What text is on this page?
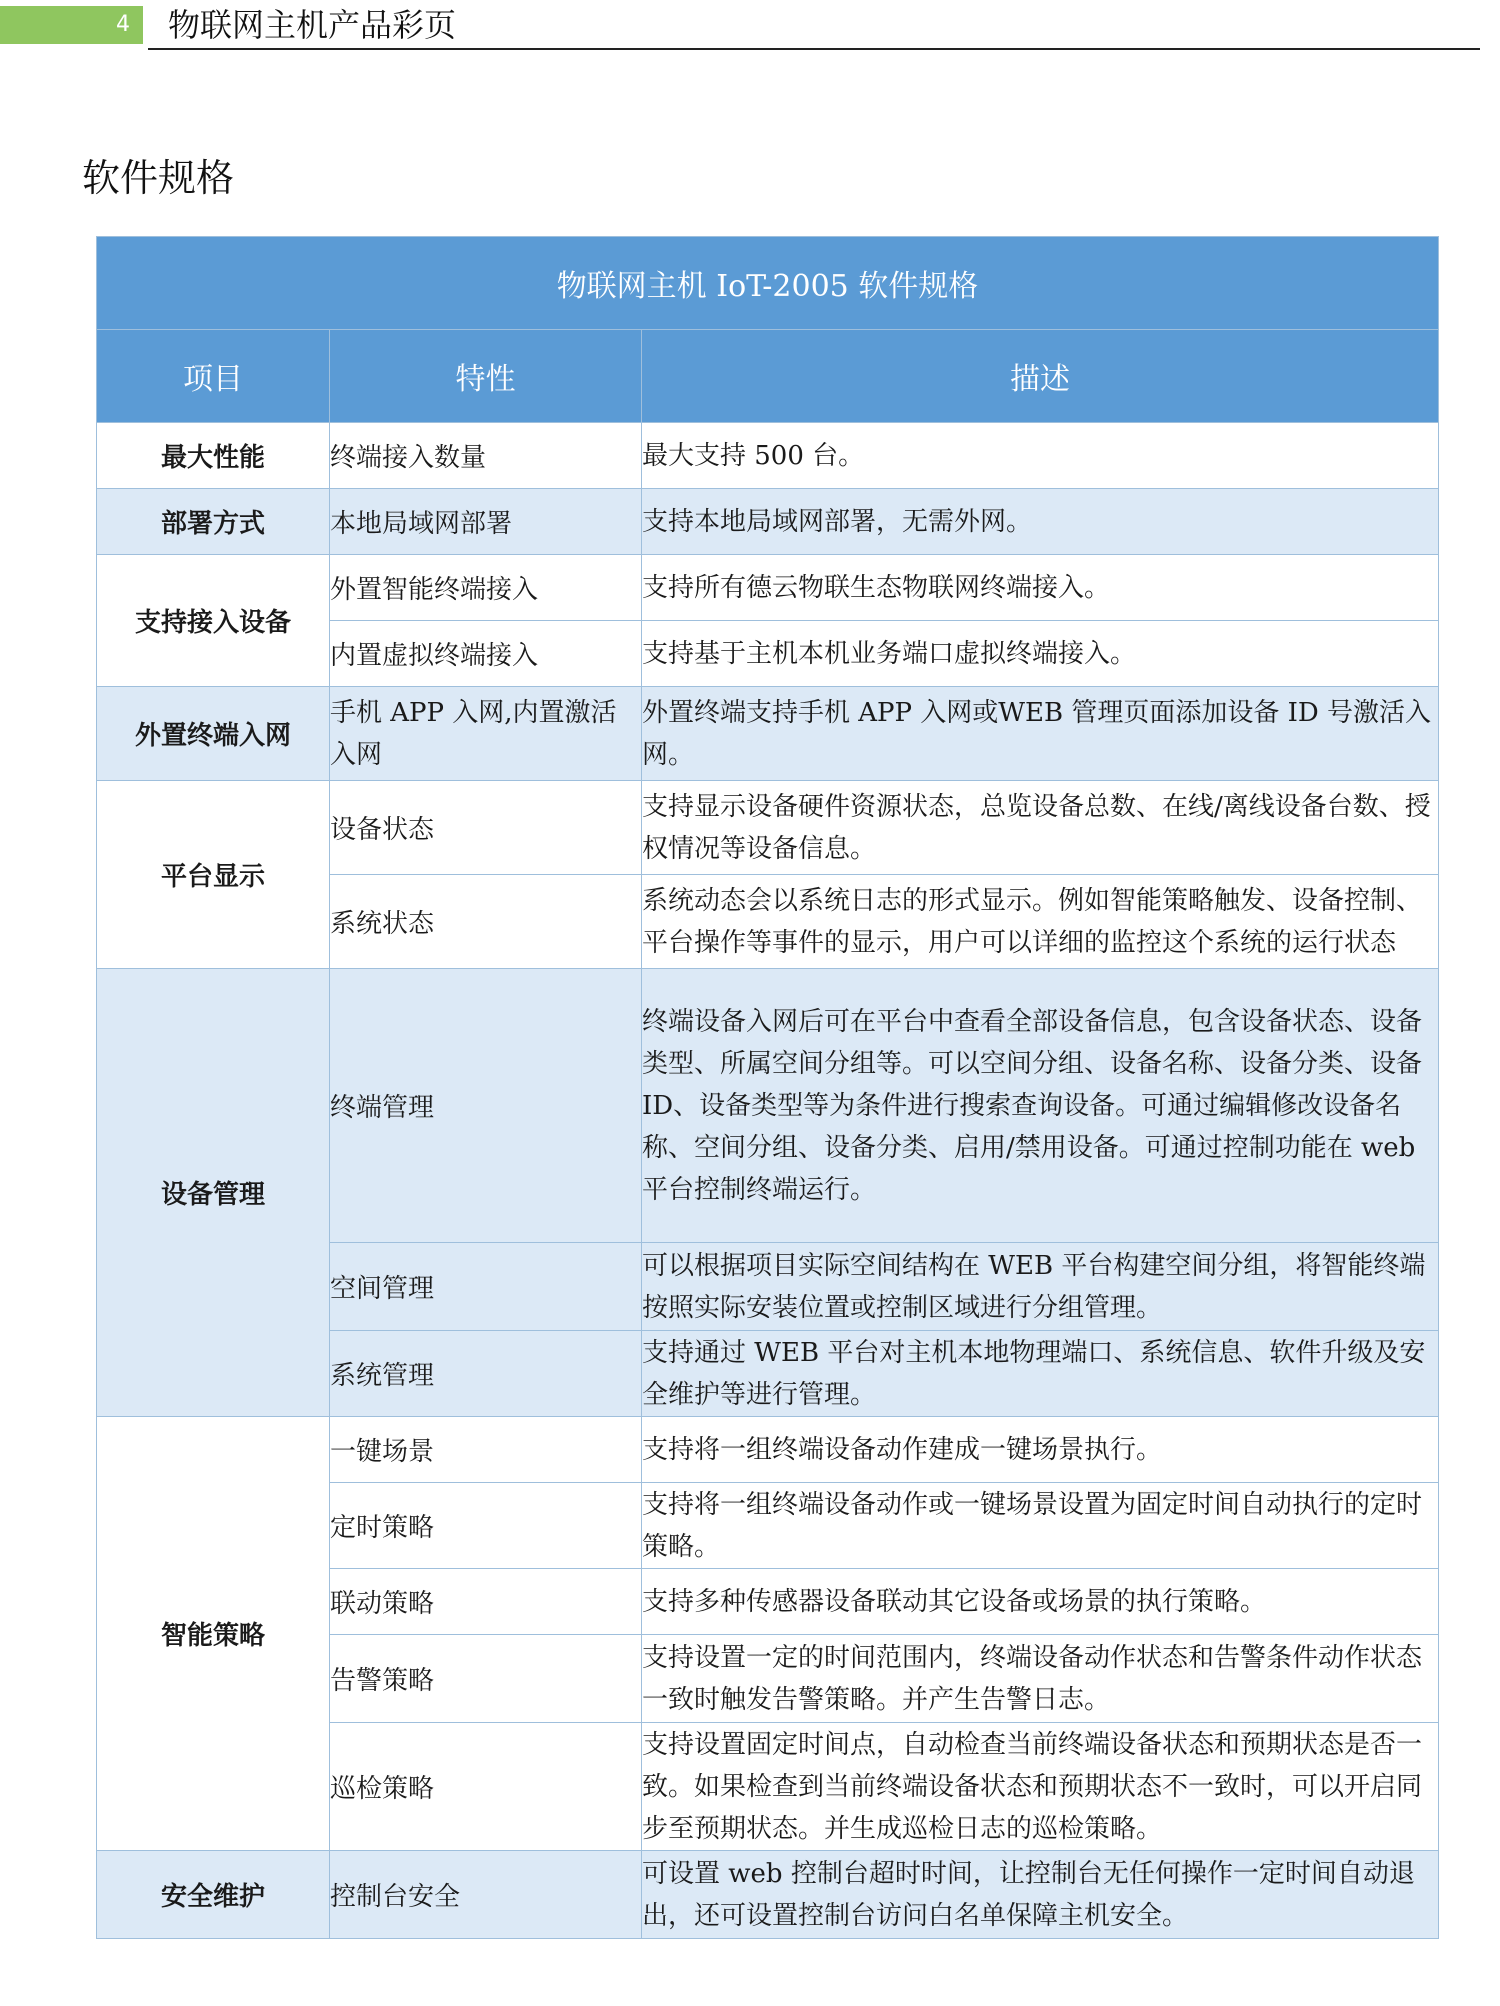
4 物联网主机产品彩页
软件规格
物联网主机 IoT-2005 软件规格		
项目	特性	描述
最大性能	终端接入数量	最大支持 500 台。
部署方式	本地局域网部署	支持本地局域网部署，无需外网。
支持接入设备	外置智能终端接入	支持所有德云物联生态物联网终端接入。
	内置虚拟终端接入	支持基于主机本机业务端口虚拟终端接入。
外置终端入网	手机 APP 入网,内置激活入网	外置终端支持手机 APP 入网或WEB 管理页面添加设备 ID 号激活入网。
平台显示	设备状态	支持显示设备硬件资源状态，总览设备总数、在线/离线设备台数、授权情况等设备信息。
	系统状态	系统动态会以系统日志的形式显示。例如智能策略触发、设备控制、平台操作等事件的显示，用户可以详细的监控这个系统的运行状态
设备管理	终端管理	终端设备入网后可在平台中查看全部设备信息，包含设备状态、设备类型、所属空间分组等。可以空间分组、设备名称、设备分类、设备 ID、设备类型等为条件进行搜索查询设备。可通过编辑修改设备名称、空间分组、设备分类、启用/禁用设备。可通过控制功能在 web 平台控制终端运行。
	空间管理	可以根据项目实际空间结构在 WEB 平台构建空间分组，将智能终端按照实际安装位置或控制区域进行分组管理。
	系统管理	支持通过 WEB 平台对主机本地物理端口、系统信息、软件升级及安全维护等进行管理。
智能策略	一键场景	支持将一组终端设备动作建成一键场景执行。
	定时策略	支持将一组终端设备动作或一键场景设置为固定时间自动执行的定时策略。
	联动策略	支持多种传感器设备联动其它设备或场景的执行策略。
	告警策略	支持设置一定的时间范围内，终端设备动作状态和告警条件动作状态一致时触发告警策略。并产生告警日志。
	巡检策略	支持设置固定时间点，自动检查当前终端设备状态和预期状态是否一致。如果检查到当前终端设备状态和预期状态不一致时，可以开启同步至预期状态。并生成巡检日志的巡检策略。
安全维护	控制台安全	可设置 web 控制台超时时间，让控制台无任何操作一定时间自动退出，还可设置控制台访问白名单保障主机安全。
